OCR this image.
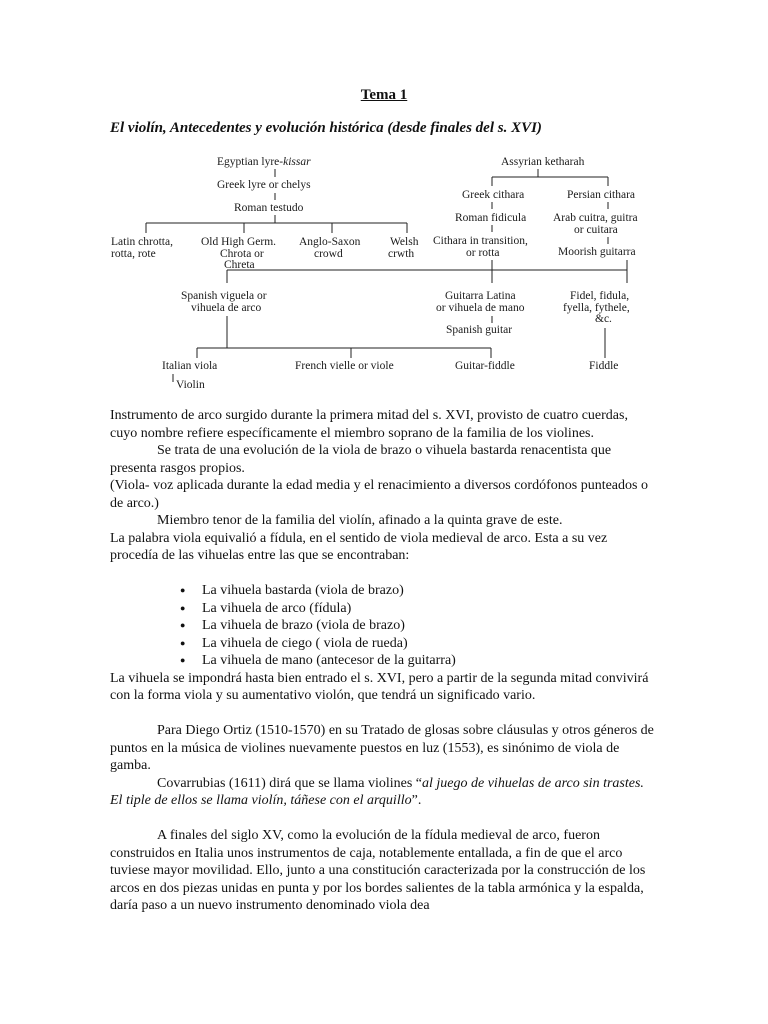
Tema 1
El violín, Antecedentes y evolución histórica (desde finales del s. XVI)
Egyptian lyre-kissar
Greek lyre or chelys
Roman testudo
Latin chrotta, rotta, rote
Old High Germ. Chrota or Chreta
Anglo-Saxon crowd
Welsh crwth
Assyrian ketharah
Greek cithara	Persian cithara
Roman fidicula Arab cuitra, guitra or cuitara
Cithara in transition, or rotta	Moorish guitarra
Spanish viguela or vihuela de arco
Guitarra Latina or vihuela de mano
Spanish guitar
Fidel, fidula, fyella, fythele, &c.
Italian viola
Violin
French vielle or viole	Guitar-fiddle	Fiddle

Instrumento de arco surgido durante la primera mitad del s. XVI, provisto de cuatro cuerdas, cuyo nombre refiere específicamente el miembro soprano de la familia de los violines.

Se trata de una evolución de la viola de brazo o vihuela bastarda renacentista que presenta rasgos propios.

(Viola- voz aplicada durante la edad media y el renacimiento a diversos cordófonos punteados o de arco.)

Miembro tenor de la familia del violín, afinado a la quinta grave de este.

La palabra viola equivalió a fídula, en el sentido de viola medieval de arco. Esta a su vez procedía de las vihuelas entre las que se encontraban:

● La vihuela bastarda (viola de brazo)
● La vihuela de arco (fídula)
● La vihuela de brazo (viola de brazo)
● La vihuela de ciego ( viola de rueda)
● La vihuela de mano (antecesor de la guitarra)

La vihuela se impondrá hasta bien entrado el s. XVI, pero a partir de la segunda mitad convivirá con la forma viola y su aumentativo violón, que tendrá un significado vario.

Para Diego Ortiz (1510-1570) en su Tratado de glosas sobre cláusulas y otros géneros de puntos en la música de violines nuevamente puestos en luz (1553), es sinónimo de viola de gamba.

Covarrubias (1611) dirá que se llama violines “al juego de vihuelas de arco sin trastes. El tiple de ellos se llama violín, táñese con el arquillo”.

A finales del siglo XV, como la evolución de la fídula medieval de arco, fueron construidos en Italia unos instrumentos de caja, notablemente entallada, a fin de que el arco tuviese mayor movilidad. Ello, junto a una constitución caracterizada por la construcción de los arcos en dos piezas unidas en punta y por los bordes salientes de la tabla armónica y la espalda, daría paso a un nuevo instrumento denominado viola dea
